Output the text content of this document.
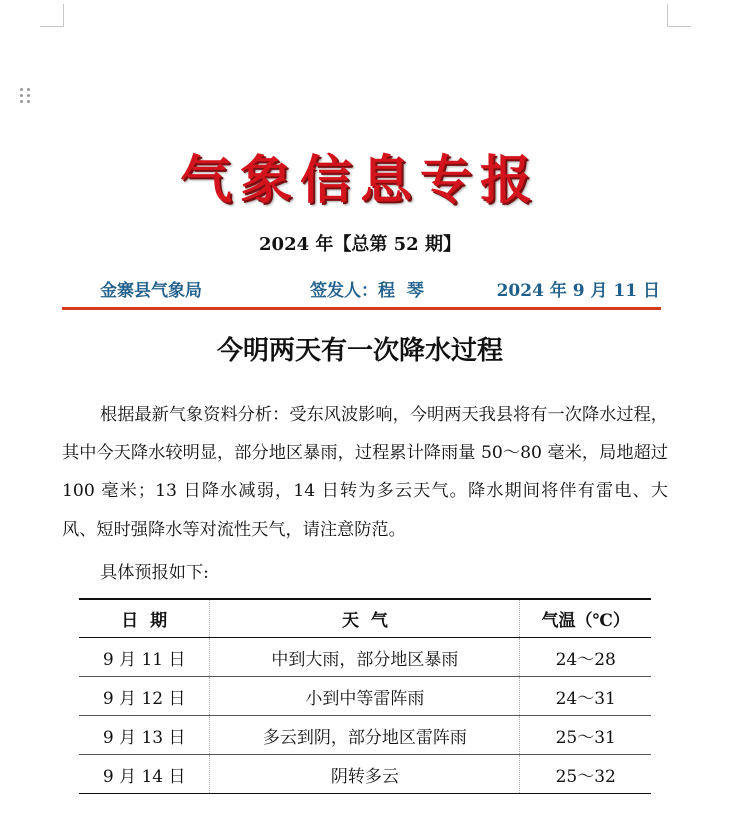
气象信息专报
2024 年【总第 52 期】
金寨县气象局	签发人：程  琴	2024 年 9 月 11 日
今明两天有一次降水过程
根据最新气象资料分析：受东风波影响，今明两天我县将有一次降水过程，其中今天降水较明显，部分地区暴雨，过程累计降雨量 50～80 毫米，局地超过 100 毫米；13 日降水减弱，14 日转为多云天气。降水期间将伴有雷电、大风、短时强降水等对流性天气，请注意防范。
具体预报如下:
日  期	天  气	气温（℃）
9 月 11 日	中到大雨，部分地区暴雨	24～28
9 月 12 日	小到中等雷阵雨	24～31
9 月 13 日	多云到阴，部分地区雷阵雨	25～31
9 月 14 日	阴转多云	25～32
